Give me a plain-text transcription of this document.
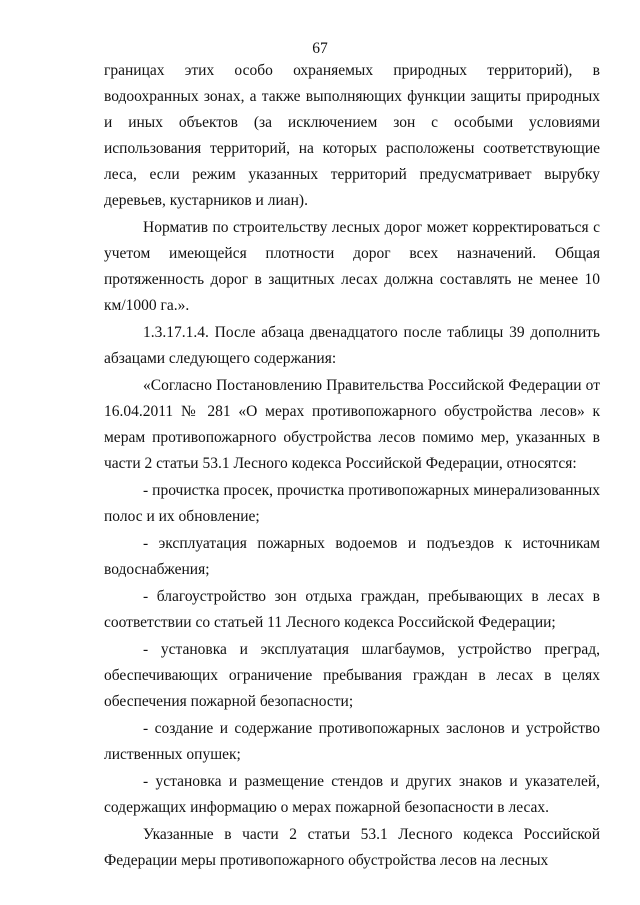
67

границах этих особо охраняемых природных территорий), в водоохранных зонах, а также выполняющих функции защиты природных и иных объектов (за исключением зон с особыми условиями использования территорий, на которых расположены соответствующие леса, если режим указанных территорий предусматривает вырубку деревьев, кустарников и лиан).

Норматив по строительству лесных дорог может корректироваться с учетом имеющейся плотности дорог всех назначений. Общая протяженность дорог в защитных лесах должна составлять не менее 10 км/1000 га.».

1.3.17.1.4. После абзаца двенадцатого после таблицы 39 дополнить абзацами следующего содержания:

«Согласно Постановлению Правительства Российской Федерации от 16.04.2011 № 281 «О мерах противопожарного обустройства лесов» к мерам противопожарного обустройства лесов помимо мер, указанных в части 2 статьи 53.1 Лесного кодекса Российской Федерации, относятся:

- прочистка просек, прочистка противопожарных минерализованных полос и их обновление;

- эксплуатация пожарных водоемов и подъездов к источникам водоснабжения;

- благоустройство зон отдыха граждан, пребывающих в лесах в соответствии со статьей 11 Лесного кодекса Российской Федерации;

- установка и эксплуатация шлагбаумов, устройство преград, обеспечивающих ограничение пребывания граждан в лесах в целях обеспечения пожарной безопасности;

- создание и содержание противопожарных заслонов и устройство лиственных опушек;

- установка и размещение стендов и других знаков и указателей, содержащих информацию о мерах пожарной безопасности в лесах.

Указанные в части 2 статьи 53.1 Лесного кодекса Российской Федерации меры противопожарного обустройства лесов на лесных
